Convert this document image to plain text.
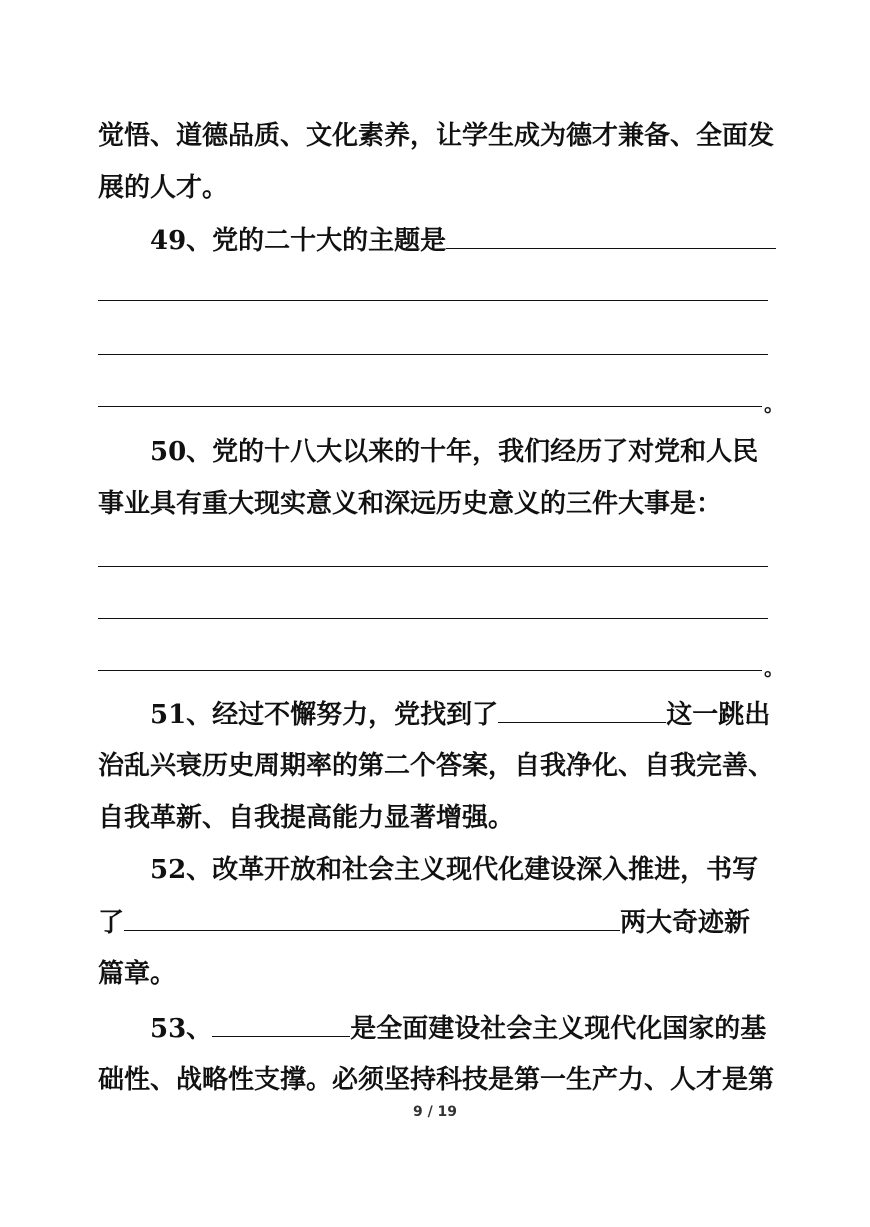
觉悟、道德品质、文化素养，让学生成为德才兼备、全面发
展的人才。
49、党的二十大的主题是
。
50、党的十八大以来的十年，我们经历了对党和人民
事业具有重大现实意义和深远历史意义的三件大事是：
。
51、经过不懈努力，党找到了	这一跳出
治乱兴衰历史周期率的第二个答案，自我净化、自我完善、
自我革新、自我提高能力显著增强。
52、改革开放和社会主义现代化建设深入推进，书写
了	两大奇迹新
篇章。
53、	是全面建设社会主义现代化国家的基
础性、战略性支撑。必须坚持科技是第一生产力、人才是第
9 / 19
